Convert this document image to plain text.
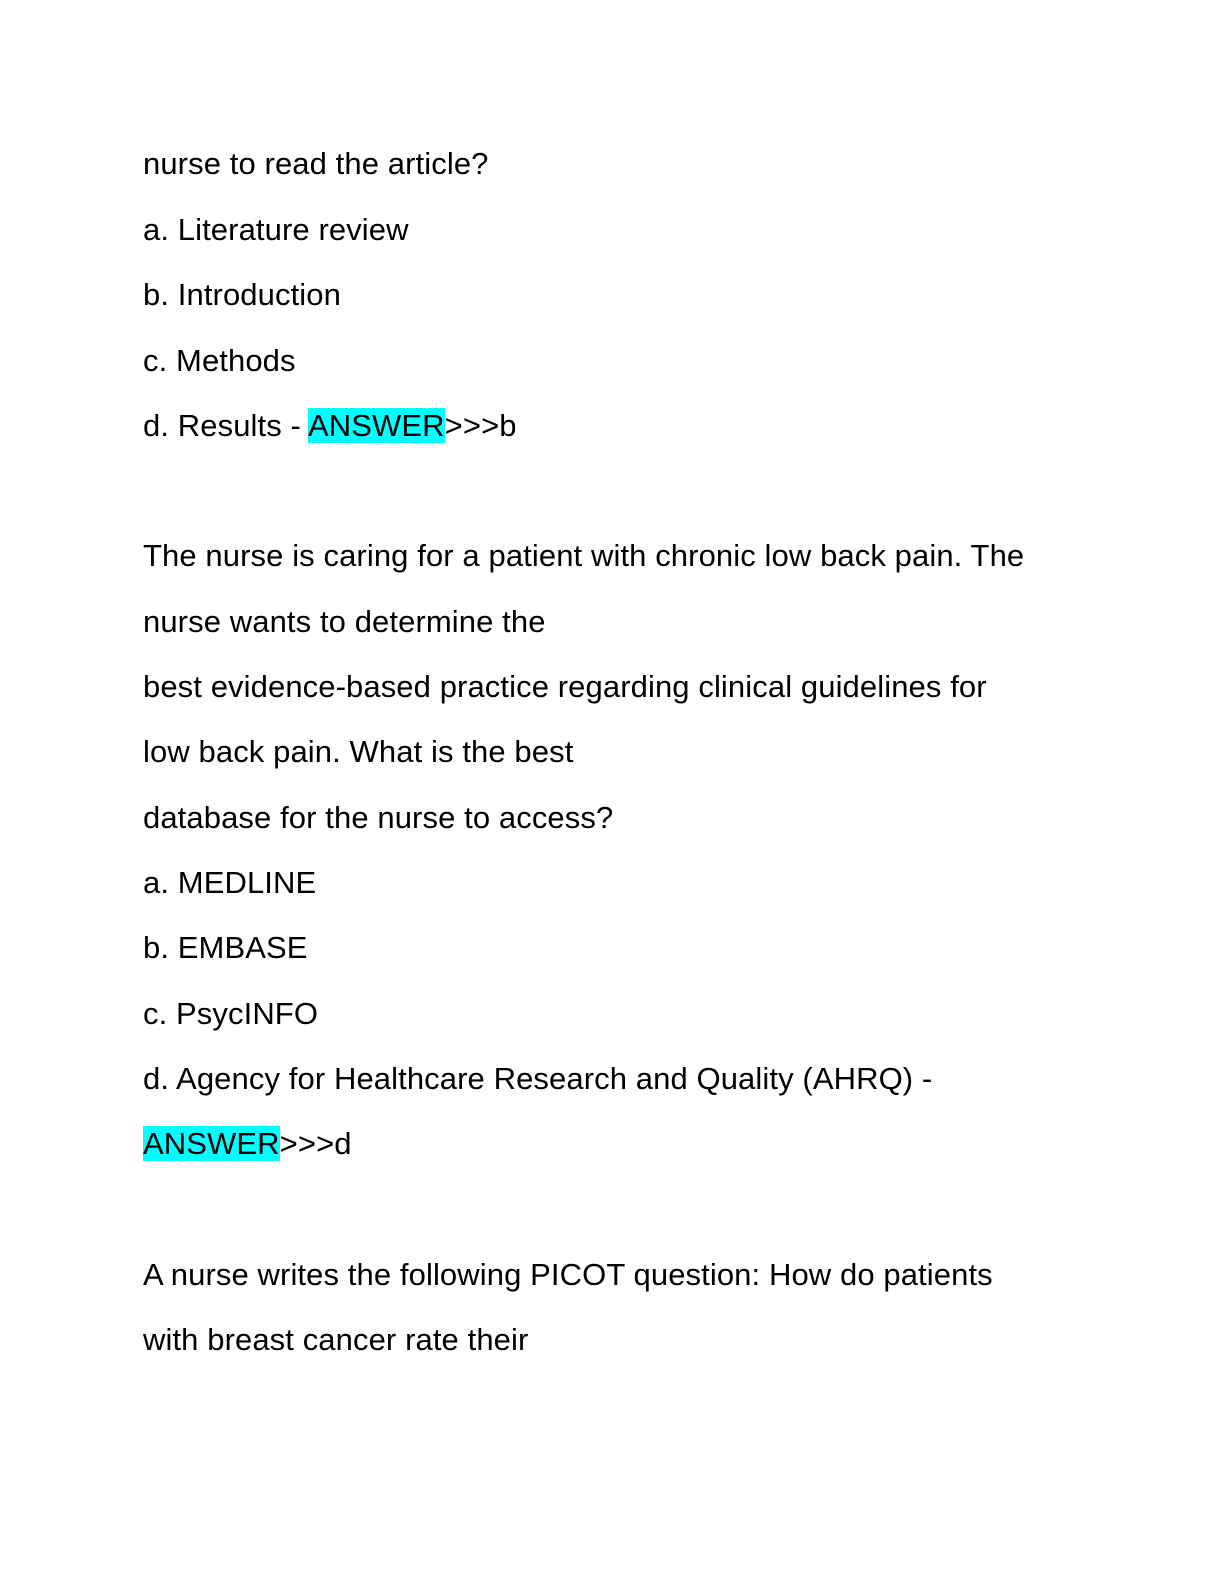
nurse to read the article?
a. Literature review
b. Introduction
c. Methods
d. Results - ANSWER>>>b
The nurse is caring for a patient with chronic low back pain. The
nurse wants to determine the
best evidence-based practice regarding clinical guidelines for
low back pain. What is the best
database for the nurse to access?
a. MEDLINE
b. EMBASE
c. PsycINFO
d. Agency for Healthcare Research and Quality (AHRQ) -
ANSWER>>>d
A nurse writes the following PICOT question: How do patients
with breast cancer rate their
